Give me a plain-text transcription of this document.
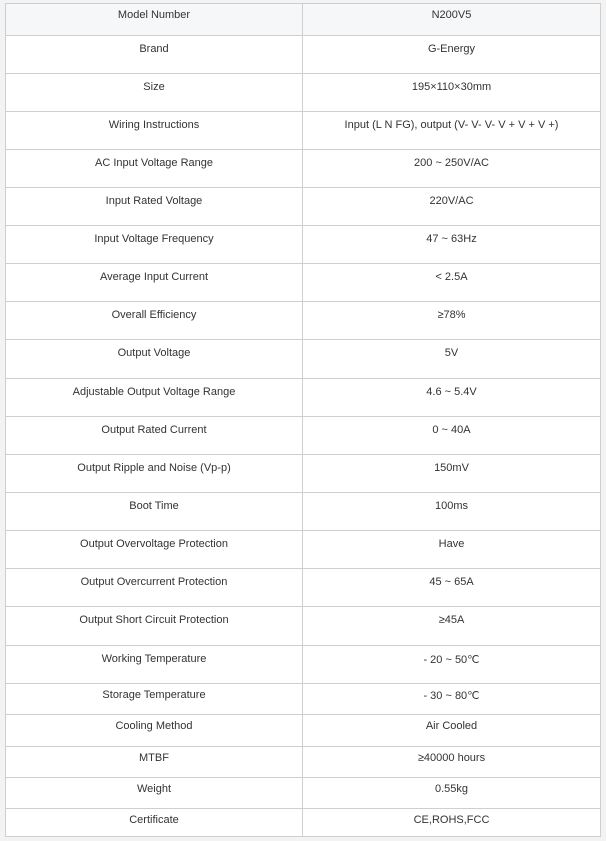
Model Number	N200V5
Brand	G-Energy
Size	195×110×30mm
Wiring Instructions	Input (L N FG), output (V- V- V- V + V + V +)
AC Input Voltage Range	200 ~ 250V/AC
Input Rated Voltage	220V/AC
Input Voltage Frequency	47 ~ 63Hz
Average Input Current	< 2.5A
Overall Efficiency	≥78%
Output Voltage	5V
Adjustable Output Voltage Range	4.6 ~ 5.4V
Output Rated Current	0 ~ 40A
Output Ripple and Noise (Vp-p)	150mV
Boot Time	100ms
Output Overvoltage Protection	Have
Output Overcurrent Protection	45 ~ 65A
Output Short Circuit Protection	≥45A
Working Temperature	- 20 ~ 50℃
Storage Temperature	- 30 ~ 80℃
Cooling Method	Air Cooled
MTBF	≥40000 hours
Weight	0.55kg
Certificate	CE,ROHS,FCC
